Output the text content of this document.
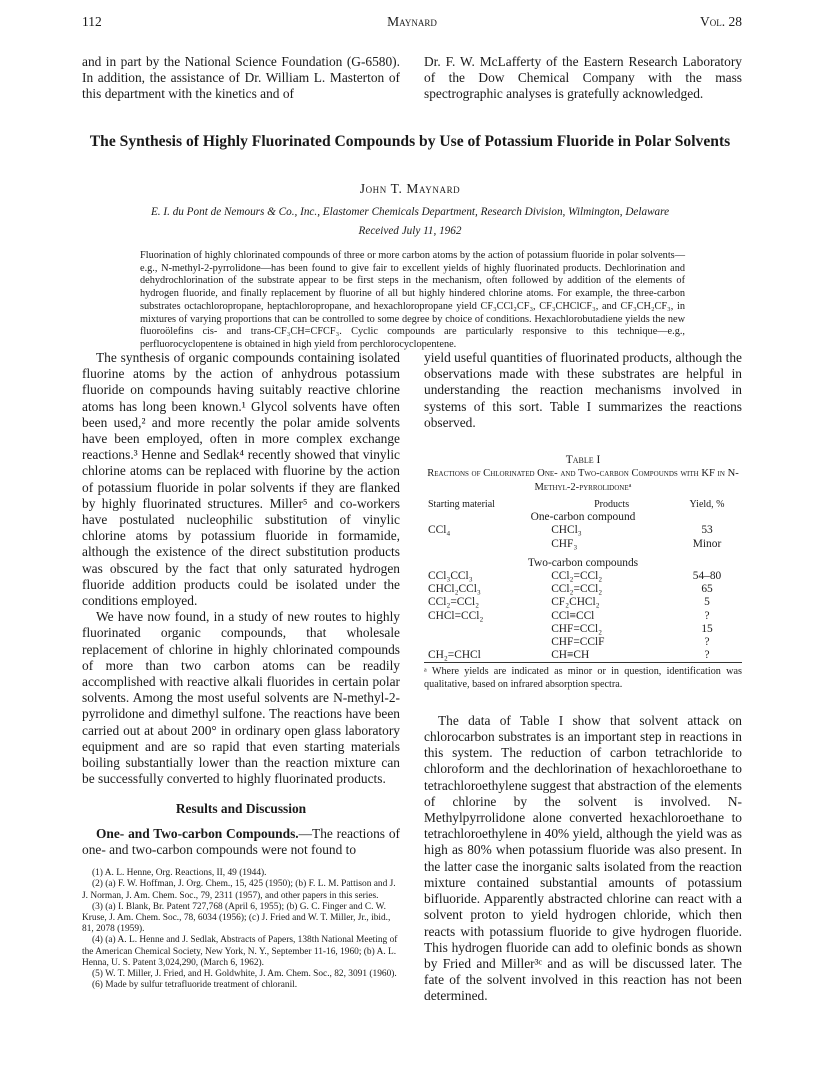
112	Maynard	Vol. 28

and in part by the National Science Foundation (G-6580). In addition, the assistance of Dr. William L. Masterton of this department with the kinetics and of

Dr. F. W. McLafferty of the Eastern Research Laboratory of the Dow Chemical Company with the mass spectrographic analyses is gratefully acknowledged.

The Synthesis of Highly Fluorinated Compounds by Use of Potassium Fluoride in Polar Solvents
John T. Maynard
E. I. du Pont de Nemours & Co., Inc., Elastomer Chemicals Department, Research Division, Wilmington, Delaware
Received July 11, 1962
Fluorination of highly chlorinated compounds of three or more carbon atoms by the action of potassium fluoride in polar solvents—e.g., N-methyl-2-pyrrolidone—has been found to give fair to excellent yields of highly fluorinated products. Dechlorination and dehydrochlorination of the substrate appear to be first steps in the mechanism, often followed by addition of the elements of hydrogen fluoride, and finally replacement by fluorine of all but highly hindered chlorine atoms. For example, the three-carbon substrates octachloropropane, heptachloropropane, and hexachloropropane yield CF₃CCl₂CF₃, CF₃CHClCF₃, and CF₃CH₂CF₃, in mixtures of varying proportions that can be controlled to some degree by choice of conditions. Hexachlorobutadiene yields the new fluoroölefins cis- and trans-CF₃CH=CFCF₃. Cyclic compounds are particularly responsive to this technique—e.g., perfluorocyclopentene is obtained in high yield from perchlorocyclopentene.

The synthesis of organic compounds containing isolated fluorine atoms by the action of anhydrous potassium fluoride on compounds having suitably reactive chlorine atoms has long been known.¹ Glycol solvents have often been used,² and more recently the polar amide solvents have been employed, often in more complex exchange reactions.³ Henne and Sedlak⁴ recently showed that vinylic chlorine atoms can be replaced with fluorine by the action of potassium fluoride in polar solvents if they are flanked by highly fluorinated structures. Miller⁵ and co-workers have postulated nucleophilic substitution of vinylic chlorine atoms by potassium fluoride in formamide, although the existence of the direct substitution products was obscured by the fact that only saturated hydrogen fluoride addition products could be isolated under the conditions employed.

We have now found, in a study of new routes to highly fluorinated organic compounds, that wholesale replacement of chlorine in highly chlorinated compounds of more than two carbon atoms can be readily accomplished with reactive alkali fluorides in certain polar solvents. Among the most useful solvents are N-methyl-2-pyrrolidone and dimethyl sulfone. The reactions have been carried out at about 200° in ordinary open glass laboratory equipment and are so rapid that even starting materials boiling substantially lower than the reaction mixture can be successfully converted to highly fluorinated products.

Results and Discussion

One- and Two-carbon Compounds.—The reactions of one- and two-carbon compounds were not found to

(1) A. L. Henne, Org. Reactions, II, 49 (1944).
(2) (a) F. W. Hoffman, J. Org. Chem., 15, 425 (1950); (b) F. L. M. Pattison and J. J. Norman, J. Am. Chem. Soc., 79, 2311 (1957), and other papers in this series.
(3) (a) I. Blank, Br. Patent 727,768 (April 6, 1955); (b) G. C. Finger and C. W. Kruse, J. Am. Chem. Soc., 78, 6034 (1956); (c) J. Fried and W. T. Miller, Jr., ibid., 81, 2078 (1959).
(4) (a) A. L. Henne and J. Sedlak, Abstracts of Papers, 138th National Meeting of the American Chemical Society, New York, N. Y., September 11-16, 1960; (b) A. L. Henna, U. S. Patent 3,024,290, (March 6, 1962).
(5) W. T. Miller, J. Fried, and H. Goldwhite, J. Am. Chem. Soc., 82, 3091 (1960).
(6) Made by sulfur tetrafluoride treatment of chloranil.

yield useful quantities of fluorinated products, although the observations made with these substrates are helpful in understanding the reaction mechanisms involved in systems of this sort. Table I summarizes the reactions observed.

Table I
Reactions of Chlorinated One- and Two-carbon Compounds with KF in N-Methyl-2-pyrrolidoneᵃ
Starting material	Products	Yield, %
One-carbon compound		
CCl₄	CHCl₃	53
	CHF₃	Minor
Two-carbon compounds		
CCl₃CCl₃	CCl₂=CCl₂	54–80
CHCl₂CCl₃	CCl₂=CCl₂	65
CCl₂=CCl₂	CF₂CHCl₂	5
CHCl=CCl₂	CCl≡CCl	?
	CHF=CCl₂	15
	CHF=CClF	?
CH₂=CHCl	CH≡CH	?
ᵃ Where yields are indicated as minor or in question, identification was qualitative, based on infrared absorption spectra.

The data of Table I show that solvent attack on chlorocarbon substrates is an important step in reactions in this system. The reduction of carbon tetrachloride to chloroform and the dechlorination of hexachloroethane to tetrachloroethylene suggest that abstraction of the elements of chlorine by the solvent is involved. N-Methylpyrrolidone alone converted hexachloroethane to tetrachloroethylene in 40% yield, although the yield was as high as 80% when potassium fluoride was also present. In the latter case the inorganic salts isolated from the reaction mixture contained substantial amounts of potassium bifluoride. Apparently abstracted chlorine can react with a solvent proton to yield hydrogen chloride, which then reacts with potassium fluoride to give hydrogen fluoride. This hydrogen fluoride can add to olefinic bonds as shown by Fried and Miller³ᶜ and as will be discussed later. The fate of the solvent involved in this reaction has not been determined.
